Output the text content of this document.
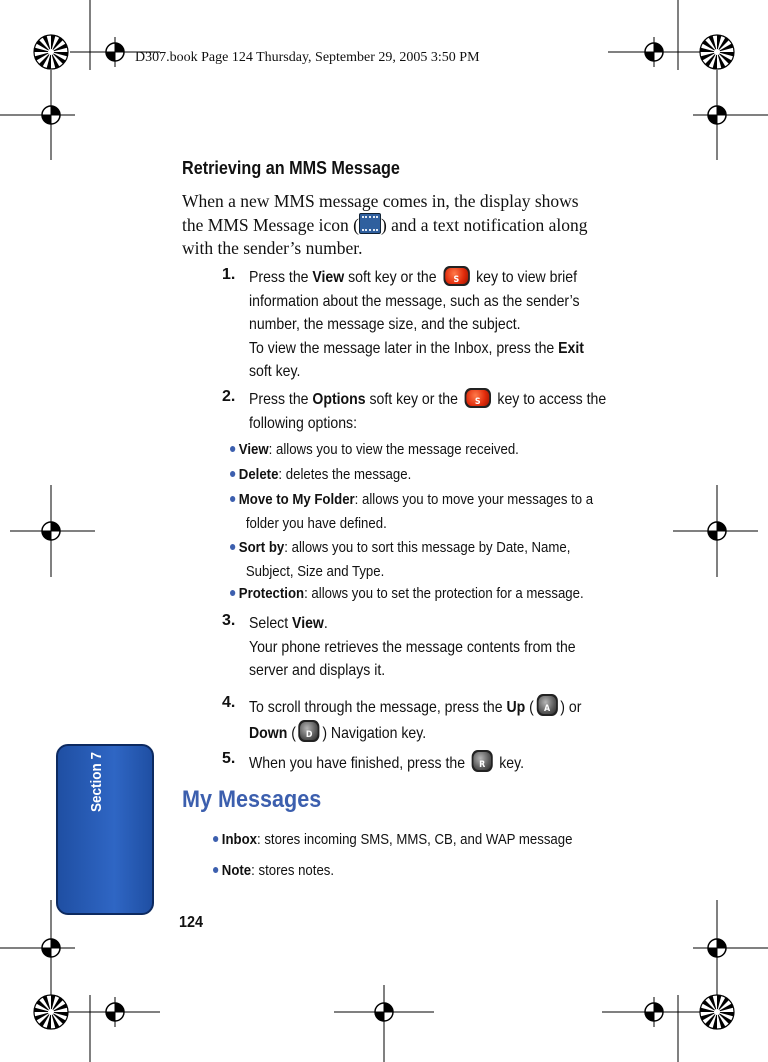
D307.book Page 124 Thursday, September 29, 2005 3:50 PM
Retrieving an MMS Message
When a new MMS message comes in, the display shows
the MMS Message icon ( ) and a text notification along
with the sender’s number.
1. Press the View soft key or the	S key to view brief
information about the message, such as the sender’s
number, the message size, and the subject.
To view the message later in the Inbox, press the Exit
soft key.
2. Press the Options soft key or the	S key to access the
following options:
View: allows you to view the message received.
Delete: deletes the message.
Move to My Folder: allows you to move your messages to a
folder you have defined.
Sort by: allows you to sort this message by Date, Name,
Subject, Size and Type.
Protection: allows you to set the protection for a message.
3. Select View.
Your phone retrieves the message contents from the
server and displays it.
4. To scroll through the message, press the Up (	A ) or
Down (	D ) Navigation key.
5. When you have finished, press the	R key.
My Messages
Inbox: stores incoming SMS, MMS, CB, and WAP message
Note: stores notes.
Section 7
124
